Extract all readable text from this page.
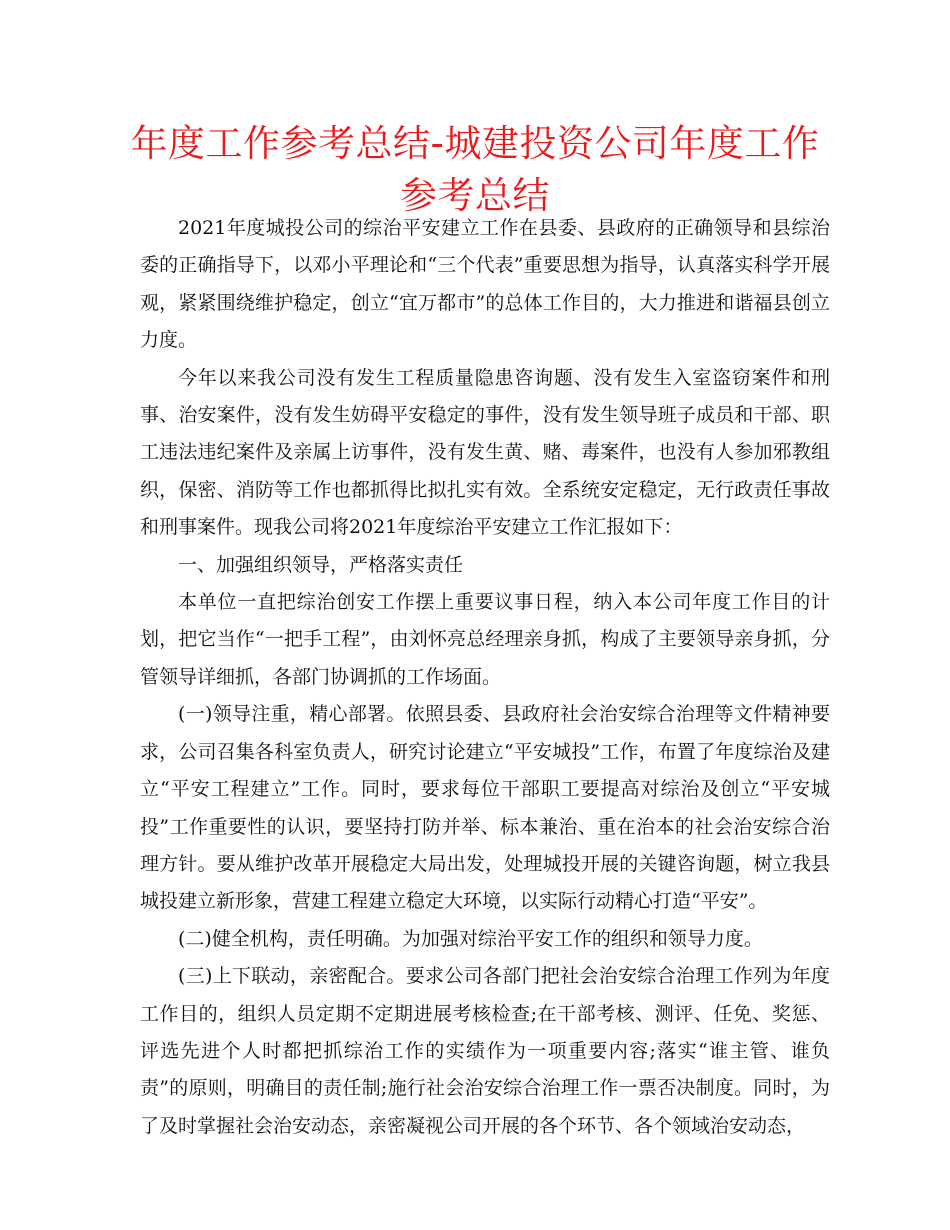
年度工作参考总结-城建投资公司年度工作参考总结

2021年度城投公司的综治平安建立工作在县委、县政府的正确领导和县综治委的正确指导下，以邓小平理论和“三个代表”重要思想为指导，认真落实科学开展观，紧紧围绕维护稳定，创立“宜万都市”的总体工作目的，大力推进和谐福县创立力度。

今年以来我公司没有发生工程质量隐患咨询题、没有发生入室盗窃案件和刑事、治安案件，没有发生妨碍平安稳定的事件，没有发生领导班子成员和干部、职工违法违纪案件及亲属上访事件，没有发生黄、赌、毒案件，也没有人参加邪教组织，保密、消防等工作也都抓得比拟扎实有效。全系统安定稳定，无行政责任事故和刑事案件。现我公司将2021年度综治平安建立工作汇报如下：

一、加强组织领导，严格落实责任

本单位一直把综治创安工作摆上重要议事日程，纳入本公司年度工作目的计划，把它当作“一把手工程”，由刘怀亮总经理亲身抓，构成了主要领导亲身抓，分管领导详细抓，各部门协调抓的工作场面。

(一)领导注重，精心部署。依照县委、县政府社会治安综合治理等文件精神要求，公司召集各科室负责人，研究讨论建立“平安城投”工作，布置了年度综治及建立“平安工程建立”工作。同时，要求每位干部职工要提高对综治及创立“平安城投”工作重要性的认识，要坚持打防并举、标本兼治、重在治本的社会治安综合治理方针。要从维护改革开展稳定大局出发，处理城投开展的关键咨询题，树立我县城投建立新形象，营建工程建立稳定大环境，以实际行动精心打造“平安”。

(二)健全机构，责任明确。为加强对综治平安工作的组织和领导力度。

(三)上下联动，亲密配合。要求公司各部门把社会治安综合治理工作列为年度工作目的，组织人员定期不定期进展考核检查;在干部考核、测评、任免、奖惩、评选先进个人时都把抓综治工作的实绩作为一项重要内容;落实“谁主管、谁负责”的原则，明确目的责任制;施行社会治安综合治理工作一票否决制度。同时，为了及时掌握社会治安动态，亲密凝视公司开展的各个环节、各个领域治安动态，
